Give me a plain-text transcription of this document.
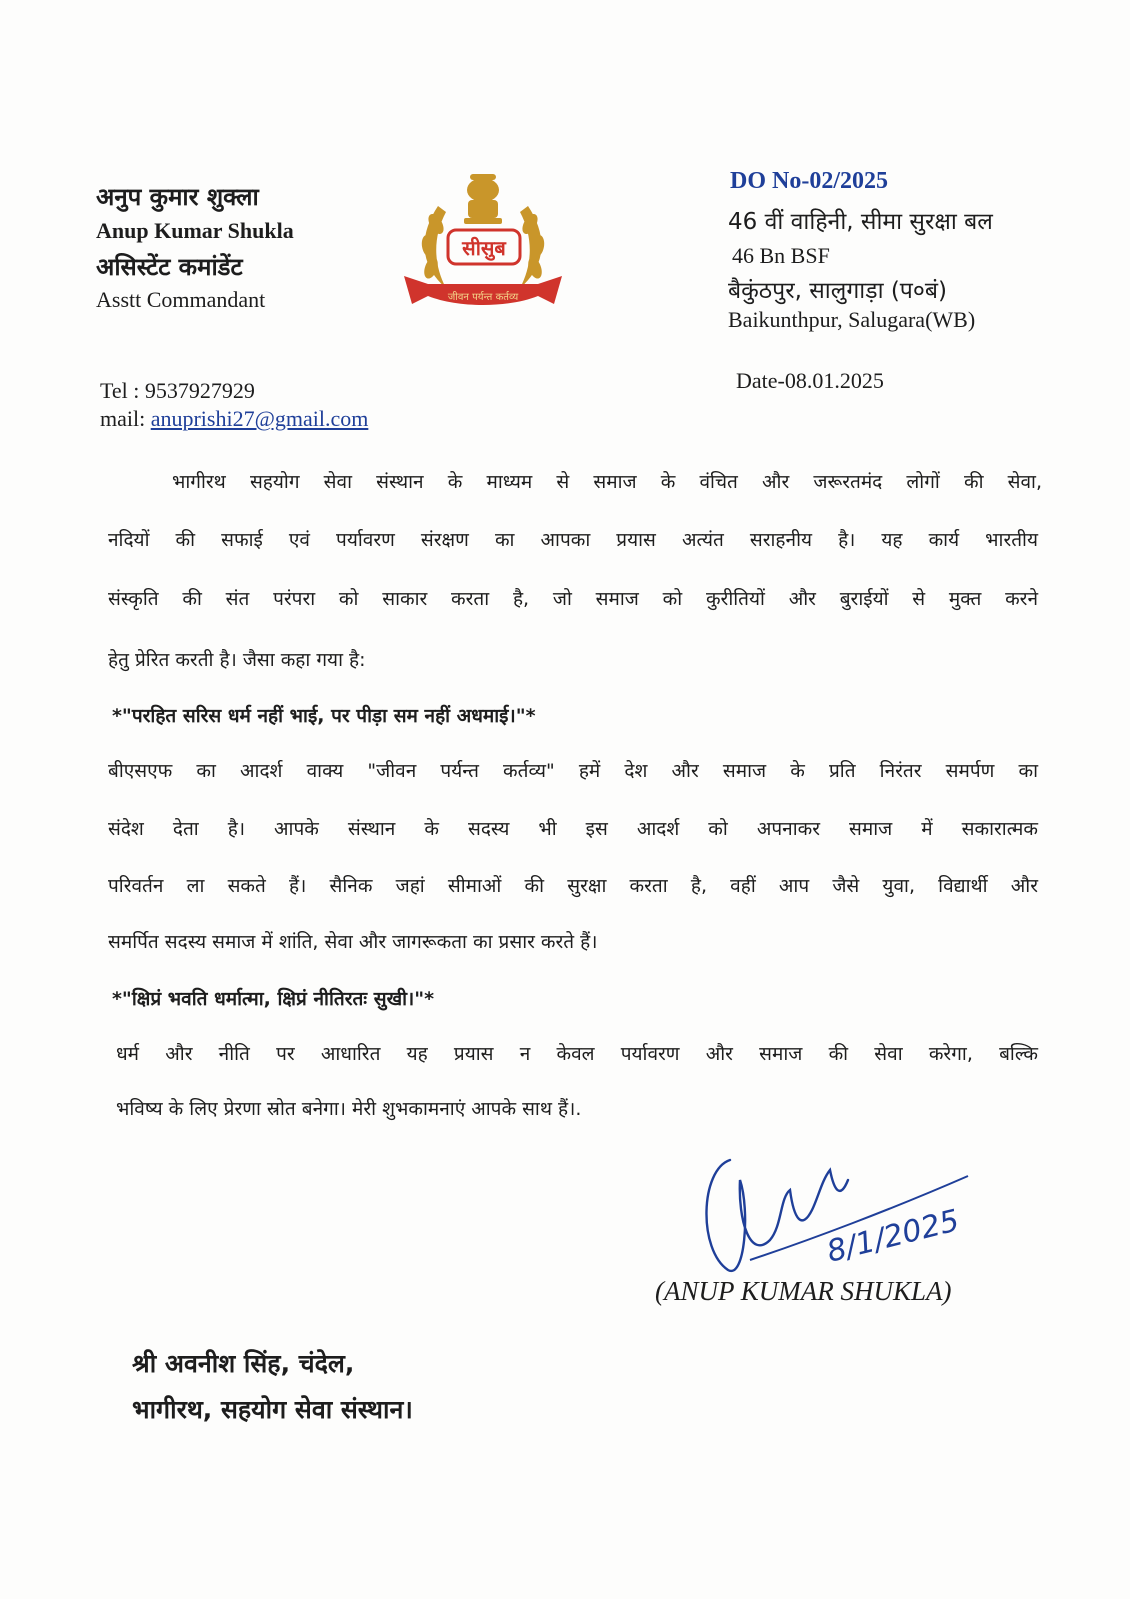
अनुप कुमार शुक्ला
Anup Kumar Shukla
असिस्टेंट कमांडेंट
Asstt Commandant
Tel : 9537927929
mail: anuprishi27@gmail.com
सीसुब
जीवन पर्यन्त कर्तव्य
DO No-02/2025
46 वीं वाहिनी, सीमा सुरक्षा बल
46 Bn BSF
बैकुंठपुर, सालुगाड़ा (प०बं)
Baikunthpur, Salugara(WB)
Date-08.01.2025
भागीरथ सहयोग सेवा संस्थान के माध्यम से समाज के वंचित और जरूरतमंद लोगों की सेवा,
नदियों की सफाई एवं पर्यावरण संरक्षण का आपका प्रयास अत्यंत सराहनीय है। यह कार्य भारतीय
संस्कृति की संत परंपरा को साकार करता है, जो समाज को कुरीतियों और बुराईयों से मुक्त करने
हेतु प्रेरित करती है। जैसा कहा गया है:
*"परहित सरिस धर्म नहीं भाई, पर पीड़ा सम नहीं अधमाई।"*
बीएसएफ का आदर्श वाक्य "जीवन पर्यन्त कर्तव्य" हमें देश और समाज के प्रति निरंतर समर्पण का
संदेश देता है। आपके संस्थान के सदस्य भी इस आदर्श को अपनाकर समाज में सकारात्मक
परिवर्तन ला सकते हैं। सैनिक जहां सीमाओं की सुरक्षा करता है, वहीं आप जैसे युवा, विद्यार्थी और
समर्पित सदस्य समाज में शांति, सेवा और जागरूकता का प्रसार करते हैं।
*"क्षिप्रं भवति धर्मात्मा, क्षिप्रं नीतिरतः सुखी।"*
धर्म और नीति पर आधारित यह प्रयास न केवल पर्यावरण और समाज की सेवा करेगा, बल्कि
भविष्य के लिए प्रेरणा स्रोत बनेगा। मेरी शुभकामनाएं आपके साथ हैं।.
8/1/2025
(ANUP KUMAR SHUKLA)
श्री अवनीश सिंह, चंदेल,
भागीरथ, सहयोग सेवा संस्थान।
